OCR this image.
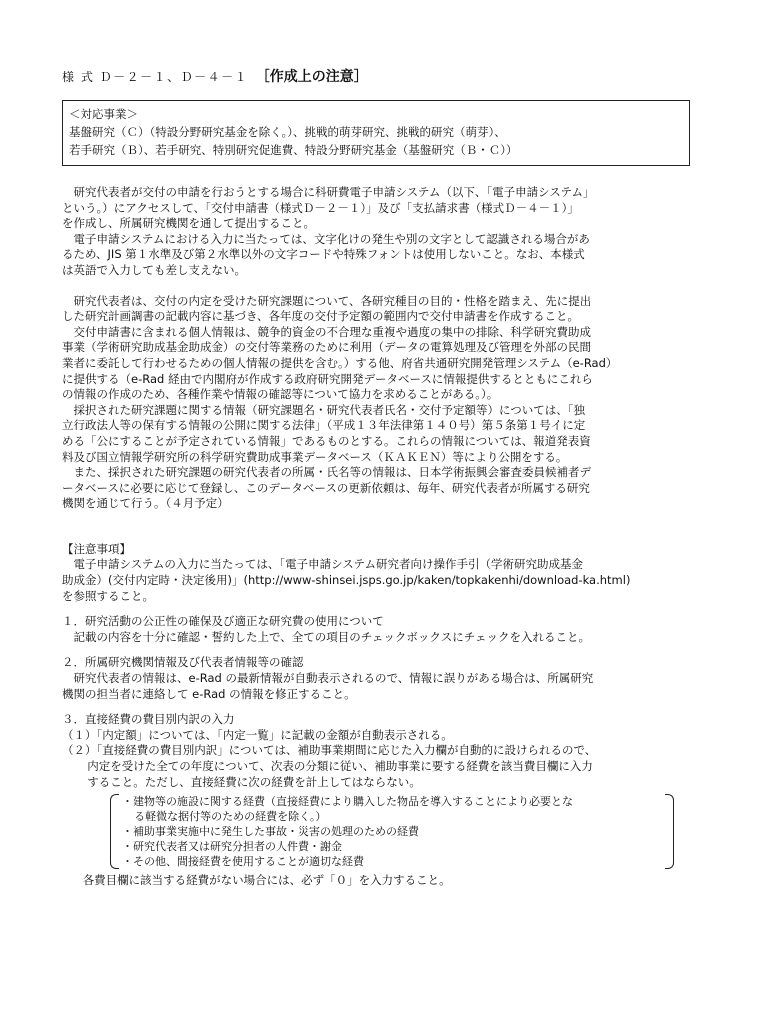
様 式 Ｄ－２－１、Ｄ－４－１ ［作成上の注意］
＜対応事業＞
基盤研究（Ｃ）（特設分野研究基金を除く。）、挑戦的萌芽研究、挑戦的研究（萌芽）、
若手研究（Ｂ）、若手研究、特別研究促進費、特設分野研究基金（基盤研究（Ｂ・Ｃ））

研究代表者が交付の申請を行おうとする場合に科研費電子申請システム（以下、「電子申請システム」

という。）にアクセスして、「交付申請書（様式Ｄ－２－１）」及び「支払請求書（様式Ｄ－４－１）」

を作成し、所属研究機関を通して提出すること。

電子申請システムにおける入力に当たっては、文字化けの発生や別の文字として認識される場合があ

るため、JIS 第１水準及び第２水準以外の文字コードや特殊フォントは使用しないこと。なお、本様式

は英語で入力しても差し支えない。

研究代表者は、交付の内定を受けた研究課題について、各研究種目の目的・性格を踏まえ、先に提出

した研究計画調書の記載内容に基づき、各年度の交付予定額の範囲内で交付申請書を作成すること。

交付申請書に含まれる個人情報は、競争的資金の不合理な重複や過度の集中の排除、科学研究費助成

事業（学術研究助成基金助成金）の交付等業務のために利用（データの電算処理及び管理を外部の民間

業者に委託して行わせるための個人情報の提供を含む。）する他、府省共通研究開発管理システム（e-Rad）

に提供する（e-Rad 経由で内閣府が作成する政府研究開発データベースに情報提供するとともにこれら

の情報の作成のため、各種作業や情報の確認等について協力を求めることがある。）。

採択された研究課題に関する情報（研究課題名・研究代表者氏名・交付予定額等）については、「独

立行政法人等の保有する情報の公開に関する法律」（平成１３年法律第１４０号）第５条第１号イに定

める「公にすることが予定されている情報」であるものとする。これらの情報については、報道発表資

料及び国立情報学研究所の科学研究費助成事業データベース（ＫＡＫＥＮ）等により公開をする。

また、採択された研究課題の研究代表者の所属・氏名等の情報は、日本学術振興会審査委員候補者デ

ータベースに必要に応じて登録し、このデータベースの更新依頼は、毎年、研究代表者が所属する研究

機関を通じて行う。（４月予定）

【注意事項】

電子申請システムの入力に当たっては、「電子申請システム研究者向け操作手引（学術研究助成基金

助成金）(交付内定時・決定後用)」(http://www-shinsei.jsps.go.jp/kaken/topkakenhi/download-ka.html)

を参照すること。

１．研究活動の公正性の確保及び適正な研究費の使用について

記載の内容を十分に確認・誓約した上で、全ての項目のチェックボックスにチェックを入れること。

２．所属研究機関情報及び代表者情報等の確認

研究代表者の情報は、e-Rad の最新情報が自動表示されるので、情報に誤りがある場合は、所属研究

機関の担当者に連絡して e-Rad の情報を修正すること。

３．直接経費の費目別内訳の入力

（１）「内定額」については、「内定一覧」に記載の金額が自動表示される。

（２）「直接経費の費目別内訳」については、補助事業期間に応じた入力欄が自動的に設けられるので、

内定を受けた全ての年度について、次表の分類に従い、補助事業に要する経費を該当費目欄に入力

すること。ただし、直接経費に次の経費を計上してはならない。

・建物等の施設に関する経費（直接経費により購入した物品を導入することにより必要とな
る軽微な据付等のための経費を除く。）
・補助事業実施中に発生した事故・災害の処理のための経費
・研究代表者又は研究分担者の人件費・謝金
・その他、間接経費を使用することが適切な経費

各費目欄に該当する経費がない場合には、必ず「０」を入力すること。
